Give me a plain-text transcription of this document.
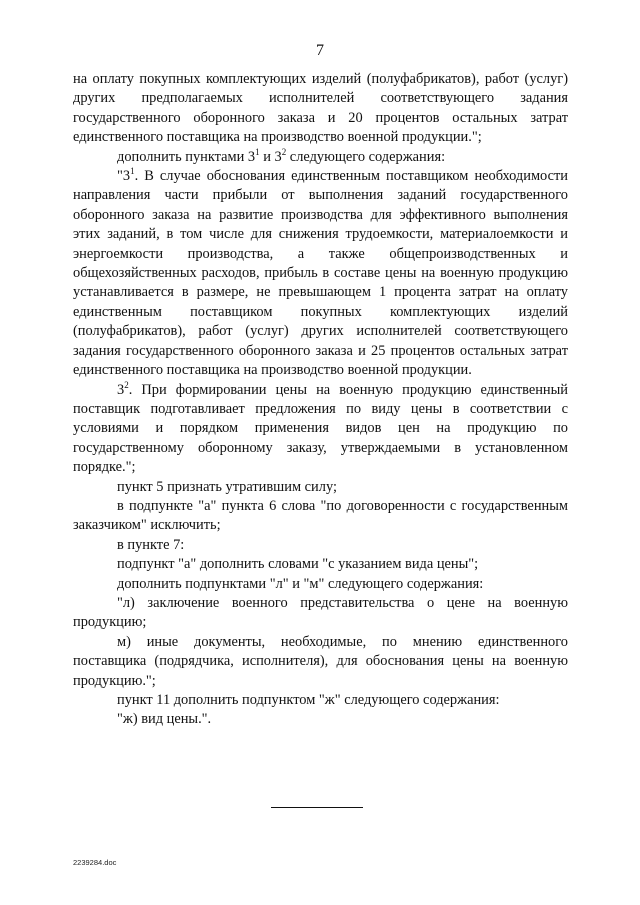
7

на оплату покупных комплектующих изделий (полуфабрикатов), работ (услуг) других предполагаемых исполнителей соответствующего задания государственного оборонного заказа и 20 процентов остальных затрат единственного поставщика на производство военной продукции.";

дополнить пунктами $3^1$ и $3^2$ следующего содержания:

"$3^1$. В случае обоснования единственным поставщиком необходимости направления части прибыли от выполнения заданий государственного оборонного заказа на развитие производства для эффективного выполнения этих заданий, в том числе для снижения трудоемкости, материалоемкости и энергоемкости производства, а также общепроизводственных и общехозяйственных расходов, прибыль в составе цены на военную продукцию устанавливается в размере, не превышающем 1 процента затрат на оплату единственным поставщиком покупных комплектующих изделий (полуфабрикатов), работ (услуг) других исполнителей соответствующего задания государственного оборонного заказа и 25 процентов остальных затрат единственного поставщика на производство военной продукции.

$3^2$. При формировании цены на военную продукцию единственный поставщик подготавливает предложения по виду цены в соответствии с условиями и порядком применения видов цен на продукцию по государственному оборонному заказу, утверждаемыми в установленном порядке.";

пункт 5 признать утратившим силу;

в подпункте "а" пункта 6 слова "по договоренности с государственным заказчиком" исключить;

в пункте 7:

подпункт "а" дополнить словами "с указанием вида цены";

дополнить подпунктами "л" и "м" следующего содержания:

"л) заключение военного представительства о цене на военную продукцию;

м) иные документы, необходимые, по мнению единственного поставщика (подрядчика, исполнителя), для обоснования цены на военную продукцию.";

пункт 11 дополнить подпунктом "ж" следующего содержания:

"ж) вид цены.".

2239284.doc
